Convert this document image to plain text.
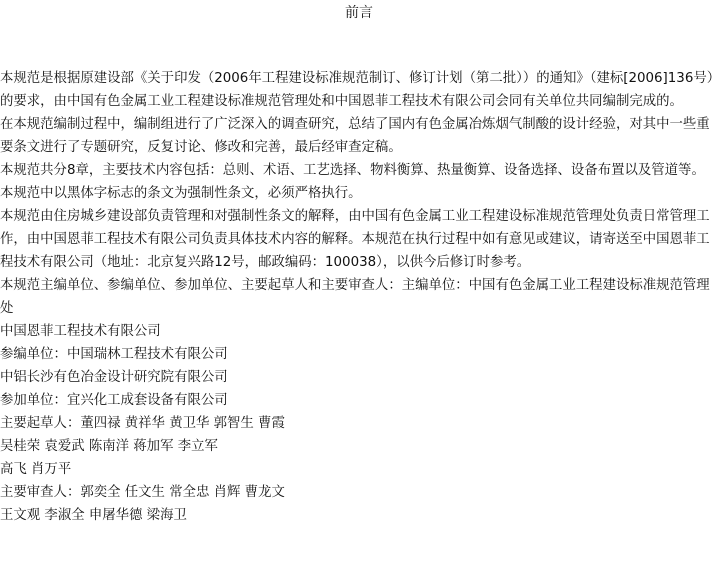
前言

本规范是根据原建设部《关于印发（2006年工程建设标准规范制订、修订计划（第二批））的通知》（建标[2006]136号）的要求，由中国有色金属工业工程建设标准规范管理处和中国恩菲工程技术有限公司会同有关单位共同编制完成的。

在本规范编制过程中，编制组进行了广泛深入的调查研究，总结了国内有色金属冶炼烟气制酸的设计经验，对其中一些重要条文进行了专题研究，反复讨论、修改和完善，最后经审查定稿。

本规范共分8章，主要技术内容包括：总则、术语、工艺选择、物料衡算、热量衡算、设备选择、设备布置以及管道等。

本规范中以黑体字标志的条文为强制性条文，必须严格执行。

本规范由住房城乡建设部负责管理和对强制性条文的解释，由中国有色金属工业工程建设标准规范管理处负责日常管理工作，由中国恩菲工程技术有限公司负责具体技术内容的解释。本规范在执行过程中如有意见或建议，请寄送至中国恩菲工程技术有限公司（地址：北京复兴路12号，邮政编码：100038），以供今后修订时参考。

本规范主编单位、参编单位、参加单位、主要起草人和主要审查人：主编单位：中国有色金属工业工程建设标准规范管理处

中国恩菲工程技术有限公司

参编单位：中国瑞林工程技术有限公司

中铝长沙有色冶金设计研究院有限公司

参加单位：宜兴化工成套设备有限公司

主要起草人：董四禄 黄祥华 黄卫华 郭智生 曹霞

吴桂荣 袁爱武 陈南洋 蒋加军 李立军

高飞 肖万平

主要审查人：郭奕全 任文生 常全忠 肖辉 曹龙文

王文观 李淑全 申屠华德 梁海卫
